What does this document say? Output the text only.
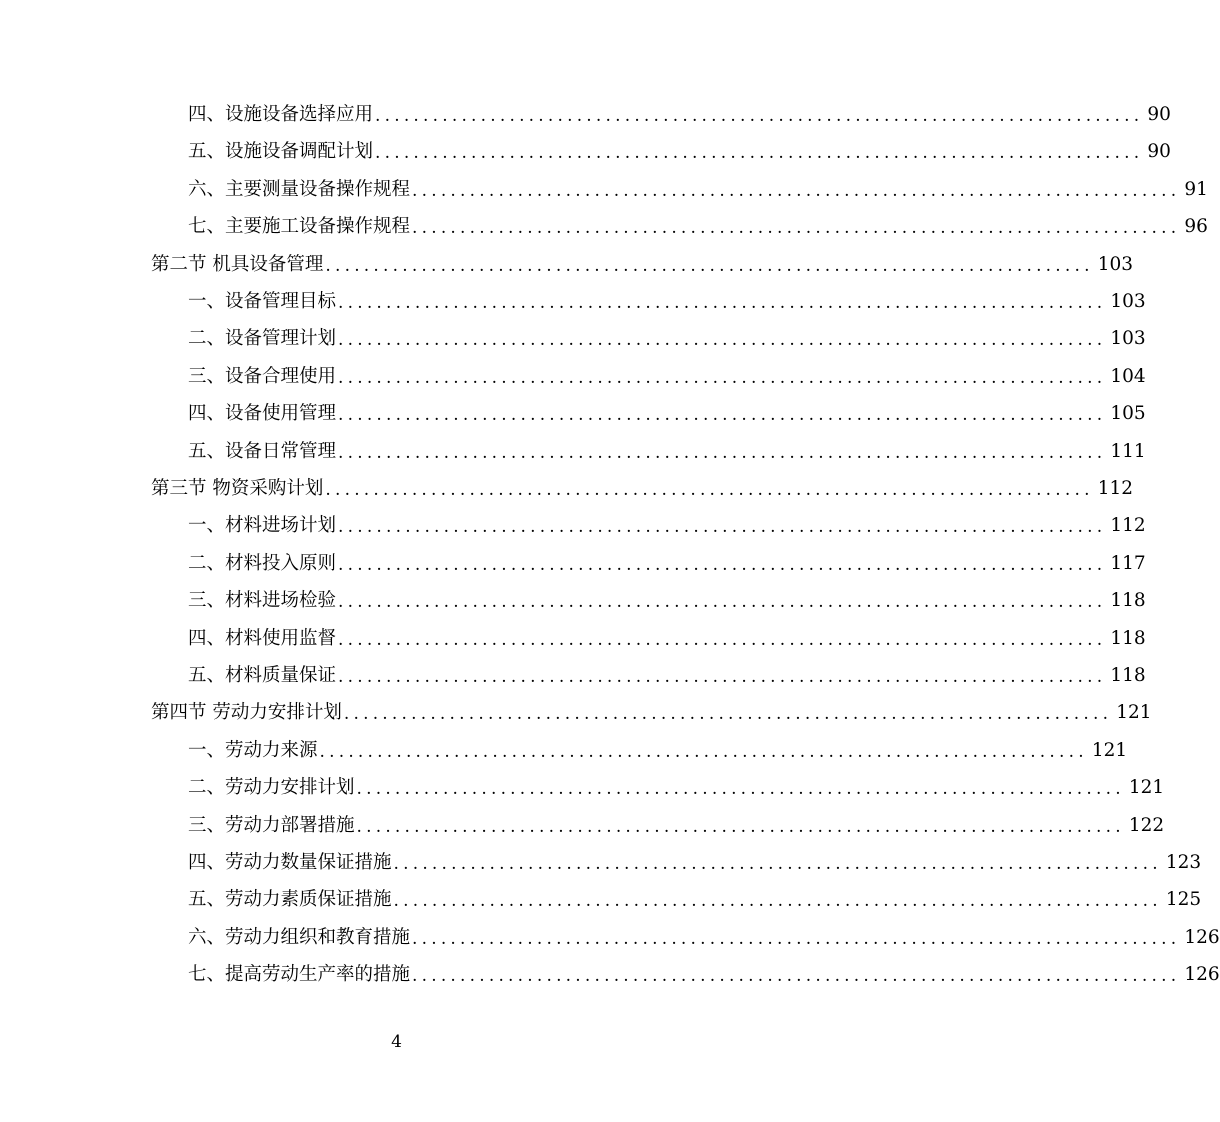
四、设施设备选择应用 ................................................................................ 90
五、设施设备调配计划 ................................................................................ 90
六、主要测量设备操作规程 ................................................................................ 91
七、主要施工设备操作规程 ................................................................................ 96
第二节 机具设备管理 ................................................................................ 103
一、设备管理目标 ................................................................................ 103
二、设备管理计划 ................................................................................ 103
三、设备合理使用 ................................................................................ 104
四、设备使用管理 ................................................................................ 105
五、设备日常管理 ................................................................................ 111
第三节 物资采购计划 ................................................................................ 112
一、材料进场计划 ................................................................................ 112
二、材料投入原则 ................................................................................ 117
三、材料进场检验 ................................................................................ 118
四、材料使用监督 ................................................................................ 118
五、材料质量保证 ................................................................................ 118
第四节 劳动力安排计划 ................................................................................ 121
一、劳动力来源 ................................................................................ 121
二、劳动力安排计划 ................................................................................ 121
三、劳动力部署措施 ................................................................................ 122
四、劳动力数量保证措施 ................................................................................ 123
五、劳动力素质保证措施 ................................................................................ 125
六、劳动力组织和教育措施 ................................................................................ 126
七、提高劳动生产率的措施 ................................................................................ 126
4
